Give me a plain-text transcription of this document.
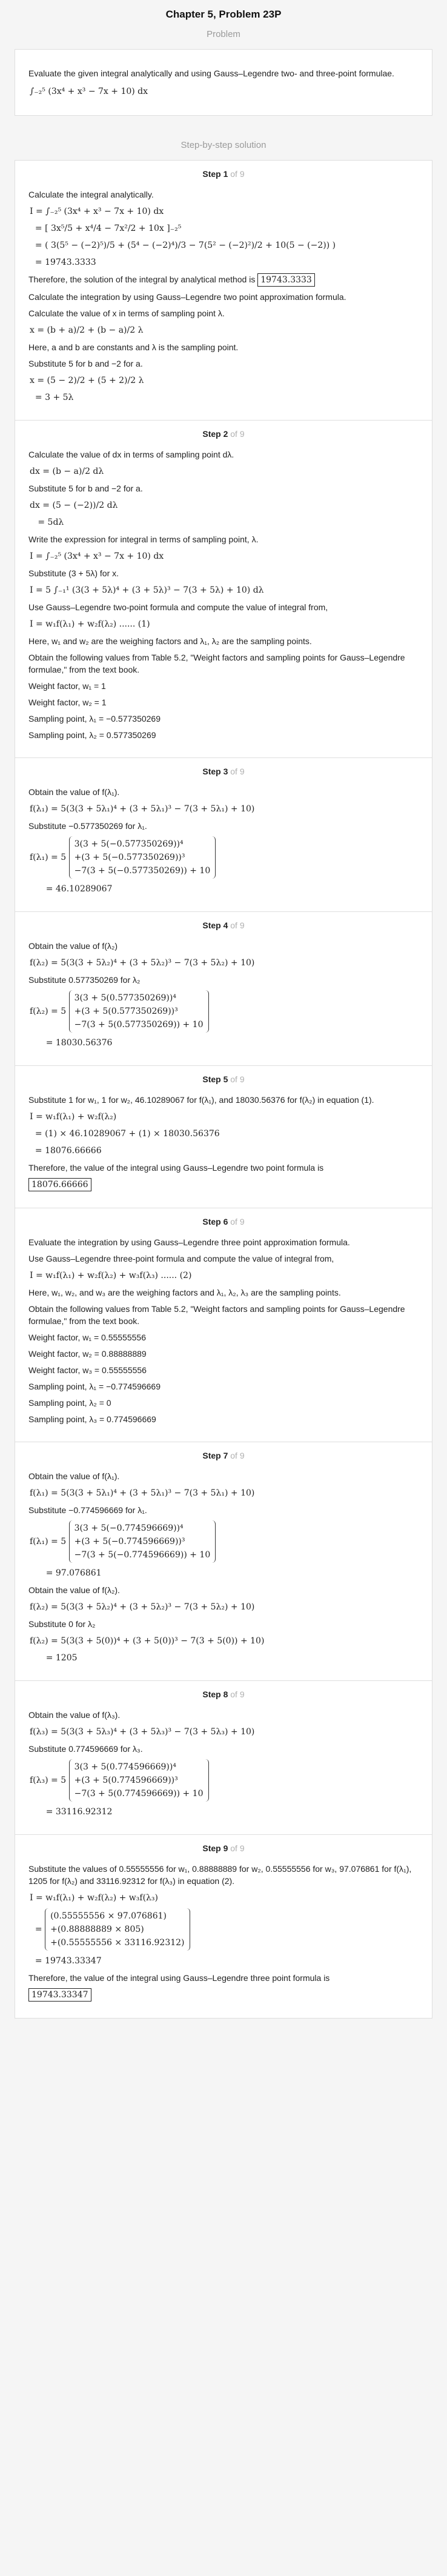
Chapter 5, Problem 23P
Problem
Evaluate the given integral analytically and using Gauss–Legendre two- and three-point formulae.
∫₋₂⁵ (3x⁴ + x³ − 7x + 10) dx
Step-by-step solution
Step 1 of 9
Calculate the integral analytically.
I = ∫₋₂⁵ (3x⁴ + x³ − 7x + 10) dx
= [ 3x⁵/5 + x⁴/4 − 7x²/2 + 10x ]₋₂⁵
= ( 3(5⁵ − (−2)⁵)/5 + (5⁴ − (−2)⁴)/3 − 7(5² − (−2)²)/2 + 10(5 − (−2)) )
= 19743.3333
Therefore, the solution of the integral by analytical method is 19743.3333
Calculate the integration by using Gauss–Legendre two point approximation formula.
Calculate the value of x in terms of sampling point λ.
x = (b + a)/2 + (b − a)/2 λ
Here, a and b are constants and λ is the sampling point.
Substitute 5 for b and −2 for a.
x = (5 − 2)/2 + (5 + 2)/2 λ
= 3 + 5λ
Step 2 of 9
Calculate the value of dx in terms of sampling point dλ.
dx = (b − a)/2 dλ
Substitute 5 for b and −2 for a.
dx = (5 − (−2))/2 dλ
= 5dλ
Write the expression for integral in terms of sampling point, λ.
I = ∫₋₂⁵ (3x⁴ + x³ − 7x + 10) dx
Substitute (3 + 5λ) for x.
I = 5 ∫₋₁¹ (3(3 + 5λ)⁴ + (3 + 5λ)³ − 7(3 + 5λ) + 10) dλ
Use Gauss–Legendre two-point formula and compute the value of integral from,
I = w₁f(λ₁) + w₂f(λ₂) ...... (1)
Here, w₁ and w₂ are the weighing factors and λ₁, λ₂ are the sampling points.
Obtain the following values from Table 5.2, "Weight factors and sampling points for Gauss–Legendre formulae," from the text book.
Weight factor, w₁ = 1
Weight factor, w₂ = 1
Sampling point, λ₁ = −0.577350269
Sampling point, λ₂ = 0.577350269
Step 3 of 9
Obtain the value of f(λ₁).
f(λ₁) = 5(3(3 + 5λ₁)⁴ + (3 + 5λ₁)³ − 7(3 + 5λ₁) + 10)
Substitute −0.577350269 for λ₁.
f(λ₁) = 5
3(3 + 5(−0.577350269))⁴
+(3 + 5(−0.577350269))³
−7(3 + 5(−0.577350269)) + 10
= 46.10289067
Step 4 of 9
Obtain the value of f(λ₂)
f(λ₂) = 5(3(3 + 5λ₂)⁴ + (3 + 5λ₂)³ − 7(3 + 5λ₂) + 10)
Substitute 0.577350269 for λ₂
f(λ₂) = 5
3(3 + 5(0.577350269))⁴
+(3 + 5(0.577350269))³
−7(3 + 5(0.577350269)) + 10
= 18030.56376
Step 5 of 9
Substitute 1 for w₁, 1 for w₂, 46.10289067 for f(λ₁), and 18030.56376 for f(λ₂) in equation (1).
I = w₁f(λ₁) + w₂f(λ₂)
= (1) × 46.10289067 + (1) × 18030.56376
= 18076.66666
Therefore, the value of the integral using Gauss–Legendre two point formula is
18076.66666
Step 6 of 9
Evaluate the integration by using Gauss–Legendre three point approximation formula.
Use Gauss–Legendre three-point formula and compute the value of integral from,
I = w₁f(λ₁) + w₂f(λ₂) + w₃f(λ₃) ...... (2)
Here, w₁, w₂, and w₃ are the weighing factors and λ₁, λ₂, λ₃ are the sampling points.
Obtain the following values from Table 5.2, "Weight factors and sampling points for Gauss–Legendre formulae," from the text book.
Weight factor, w₁ = 0.55555556
Weight factor, w₂ = 0.88888889
Weight factor, w₃ = 0.55555556
Sampling point, λ₁ = −0.774596669
Sampling point, λ₂ = 0
Sampling point, λ₃ = 0.774596669
Step 7 of 9
Obtain the value of f(λ₁).
f(λ₁) = 5(3(3 + 5λ₁)⁴ + (3 + 5λ₁)³ − 7(3 + 5λ₁) + 10)
Substitute −0.774596669 for λ₁.
f(λ₁) = 5
3(3 + 5(−0.774596669))⁴
+(3 + 5(−0.774596669))³
−7(3 + 5(−0.774596669)) + 10
= 97.076861
Obtain the value of f(λ₂).
f(λ₂) = 5(3(3 + 5λ₂)⁴ + (3 + 5λ₂)³ − 7(3 + 5λ₂) + 10)
Substitute 0 for λ₂
f(λ₂) = 5(3(3 + 5(0))⁴ + (3 + 5(0))³ − 7(3 + 5(0)) + 10)
= 1205
Step 8 of 9
Obtain the value of f(λ₃).
f(λ₃) = 5(3(3 + 5λ₃)⁴ + (3 + 5λ₃)³ − 7(3 + 5λ₃) + 10)
Substitute 0.774596669 for λ₃.
f(λ₃) = 5
3(3 + 5(0.774596669))⁴
+(3 + 5(0.774596669))³
−7(3 + 5(0.774596669)) + 10
= 33116.92312
Step 9 of 9
Substitute the values of 0.55555556 for w₁, 0.88888889 for w₂, 0.55555556 for w₃, 97.076861 for f(λ₁), 1205 for f(λ₂) and 33116.92312 for f(λ₃) in equation (2).
I = w₁f(λ₁) + w₂f(λ₂) + w₃f(λ₃)
=
(0.55555556 × 97.076861)
+(0.88888889 × 805)
+(0.55555556 × 33116.92312)
= 19743.33347
Therefore, the value of the integral using Gauss–Legendre three point formula is
19743.33347
